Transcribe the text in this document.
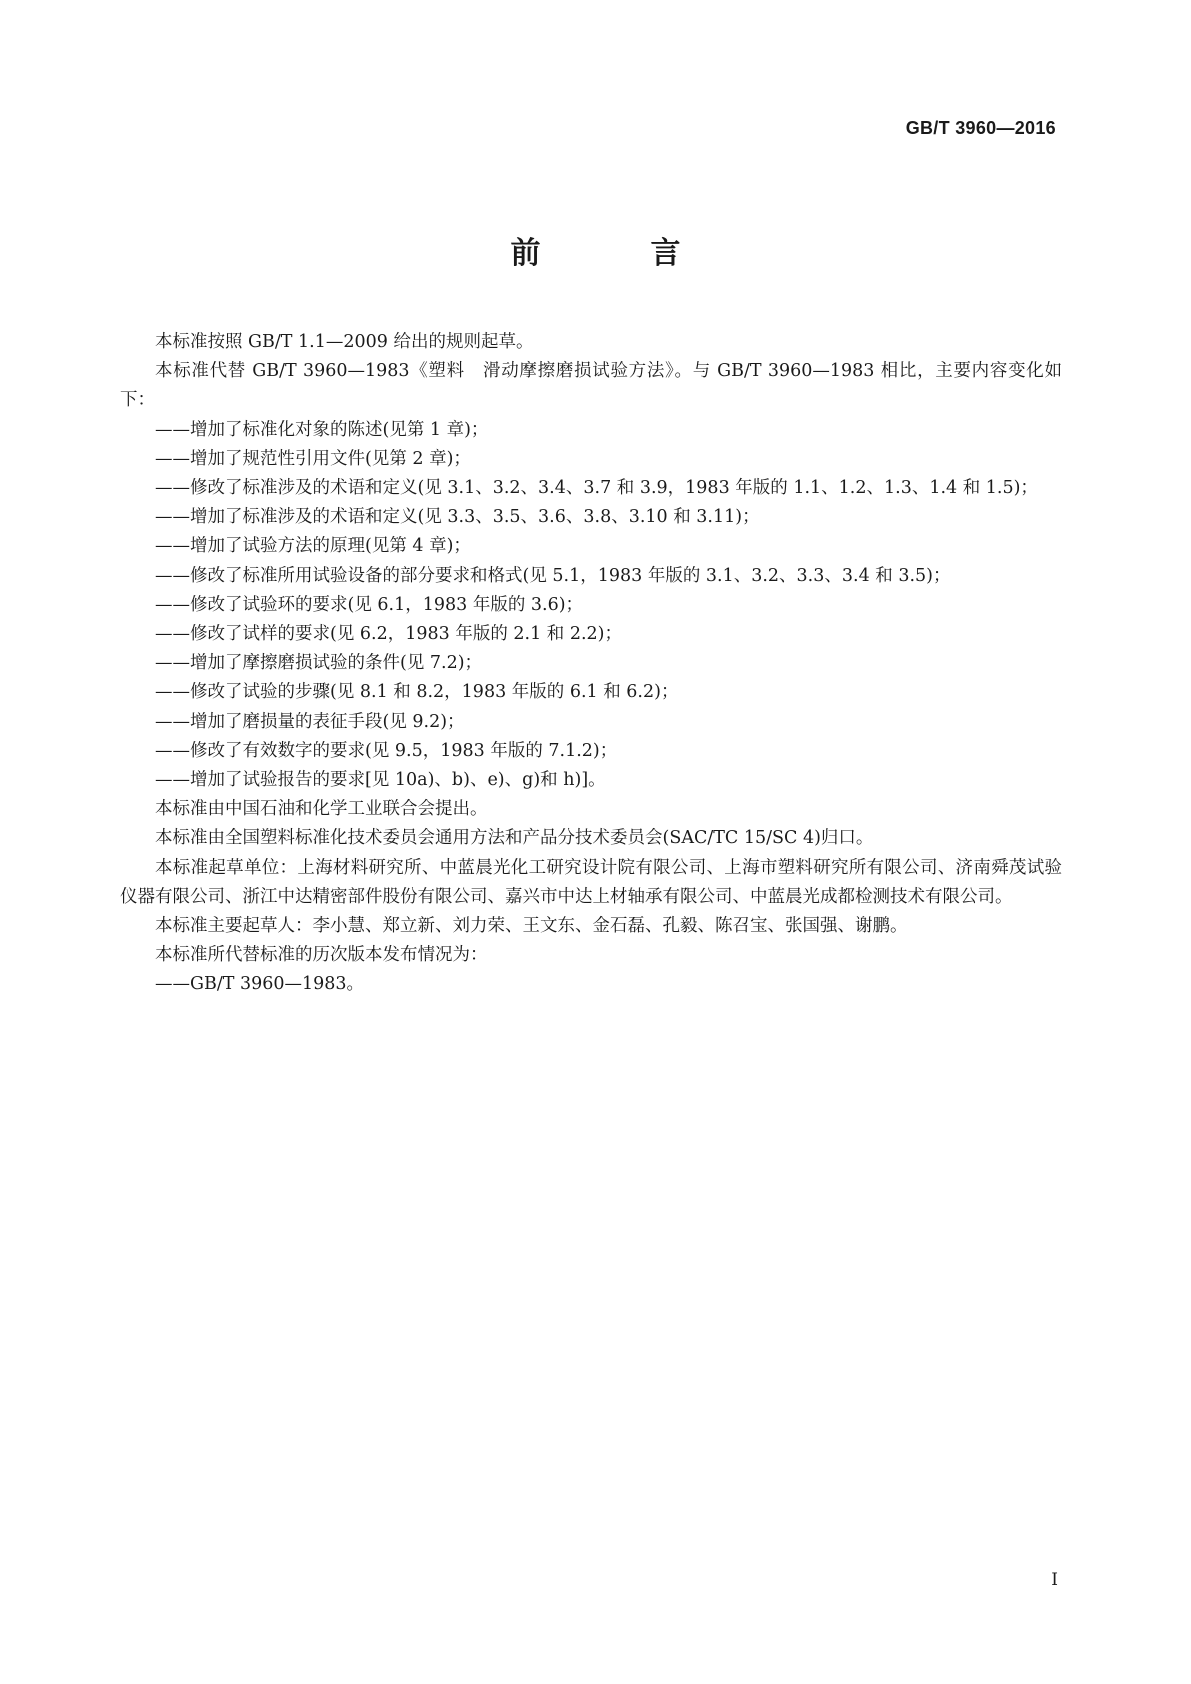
GB/T 3960—2016
前　言

本标准按照 GB/T 1.1—2009 给出的规则起草。

本标准代替 GB/T 3960—1983《塑料　滑动摩擦磨损试验方法》。与 GB/T 3960—1983 相比，主要内容变化如下：

——增加了标准化对象的陈述(见第 1 章)；

——增加了规范性引用文件(见第 2 章)；

——修改了标准涉及的术语和定义(见 3.1、3.2、3.4、3.7 和 3.9，1983 年版的 1.1、1.2、1.3、1.4 和 1.5)；

——增加了标准涉及的术语和定义(见 3.3、3.5、3.6、3.8、3.10 和 3.11)；

——增加了试验方法的原理(见第 4 章)；

——修改了标准所用试验设备的部分要求和格式(见 5.1，1983 年版的 3.1、3.2、3.3、3.4 和 3.5)；

——修改了试验环的要求(见 6.1，1983 年版的 3.6)；

——修改了试样的要求(见 6.2，1983 年版的 2.1 和 2.2)；

——增加了摩擦磨损试验的条件(见 7.2)；

——修改了试验的步骤(见 8.1 和 8.2，1983 年版的 6.1 和 6.2)；

——增加了磨损量的表征手段(见 9.2)；

——修改了有效数字的要求(见 9.5，1983 年版的 7.1.2)；

——增加了试验报告的要求[见 10a)、b)、e)、g)和 h)]。

本标准由中国石油和化学工业联合会提出。

本标准由全国塑料标准化技术委员会通用方法和产品分技术委员会(SAC/TC 15/SC 4)归口。

本标准起草单位：上海材料研究所、中蓝晨光化工研究设计院有限公司、上海市塑料研究所有限公司、济南舜茂试验仪器有限公司、浙江中达精密部件股份有限公司、嘉兴市中达上材轴承有限公司、中蓝晨光成都检测技术有限公司。

本标准主要起草人：李小慧、郑立新、刘力荣、王文东、金石磊、孔毅、陈召宝、张国强、谢鹏。

本标准所代替标准的历次版本发布情况为：

——GB/T 3960—1983。

I
